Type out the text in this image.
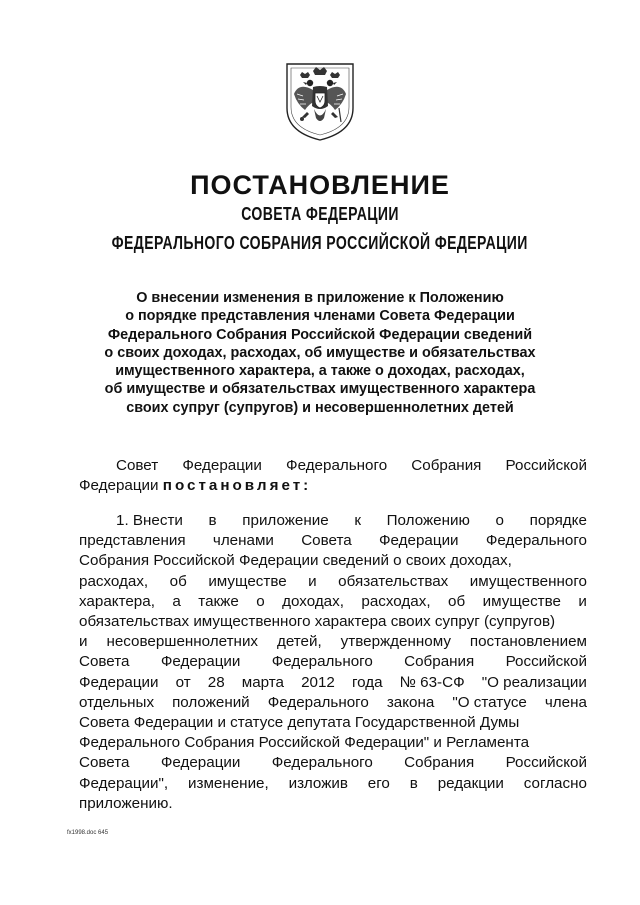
ПОСТАНОВЛЕНИЕ
СОВЕТА ФЕДЕРАЦИИ
ФЕДЕРАЛЬНОГО СОБРАНИЯ РОССИЙСКОЙ ФЕДЕРАЦИИ
О внесении изменения в приложение к Положению
о порядке представления членами Совета Федерации
Федерального Собрания Российской Федерации сведений
о своих доходах, расходах, об имуществе и обязательствах
имущественного характера, а также о доходах, расходах,
об имуществе и обязательствах имущественного характера
своих супруг (супругов) и несовершеннолетних детей
Совет Федерации Федерального Собрания Российской
Федерации постановляет:
1. Внести в приложение к Положению о порядке
представления членами Совета Федерации Федерального
Собрания Российской Федерации сведений о своих доходах,
расходах, об имуществе и обязательствах имущественного
характера, а также о доходах, расходах, об имуществе и
обязательствах имущественного характера своих супруг (супругов)
и несовершеннолетних детей, утвержденному постановлением
Совета Федерации Федерального Собрания Российской
Федерации от 28 марта 2012 года № 63-СФ "О реализации
отдельных положений Федерального закона "О статусе члена
Совета Федерации и статусе депутата Государственной Думы
Федерального Собрания Российской Федерации" и Регламента
Совета Федерации Федерального Собрания Российской
Федерации", изменение, изложив его в редакции согласно
приложению.
fx1998.doc 645
